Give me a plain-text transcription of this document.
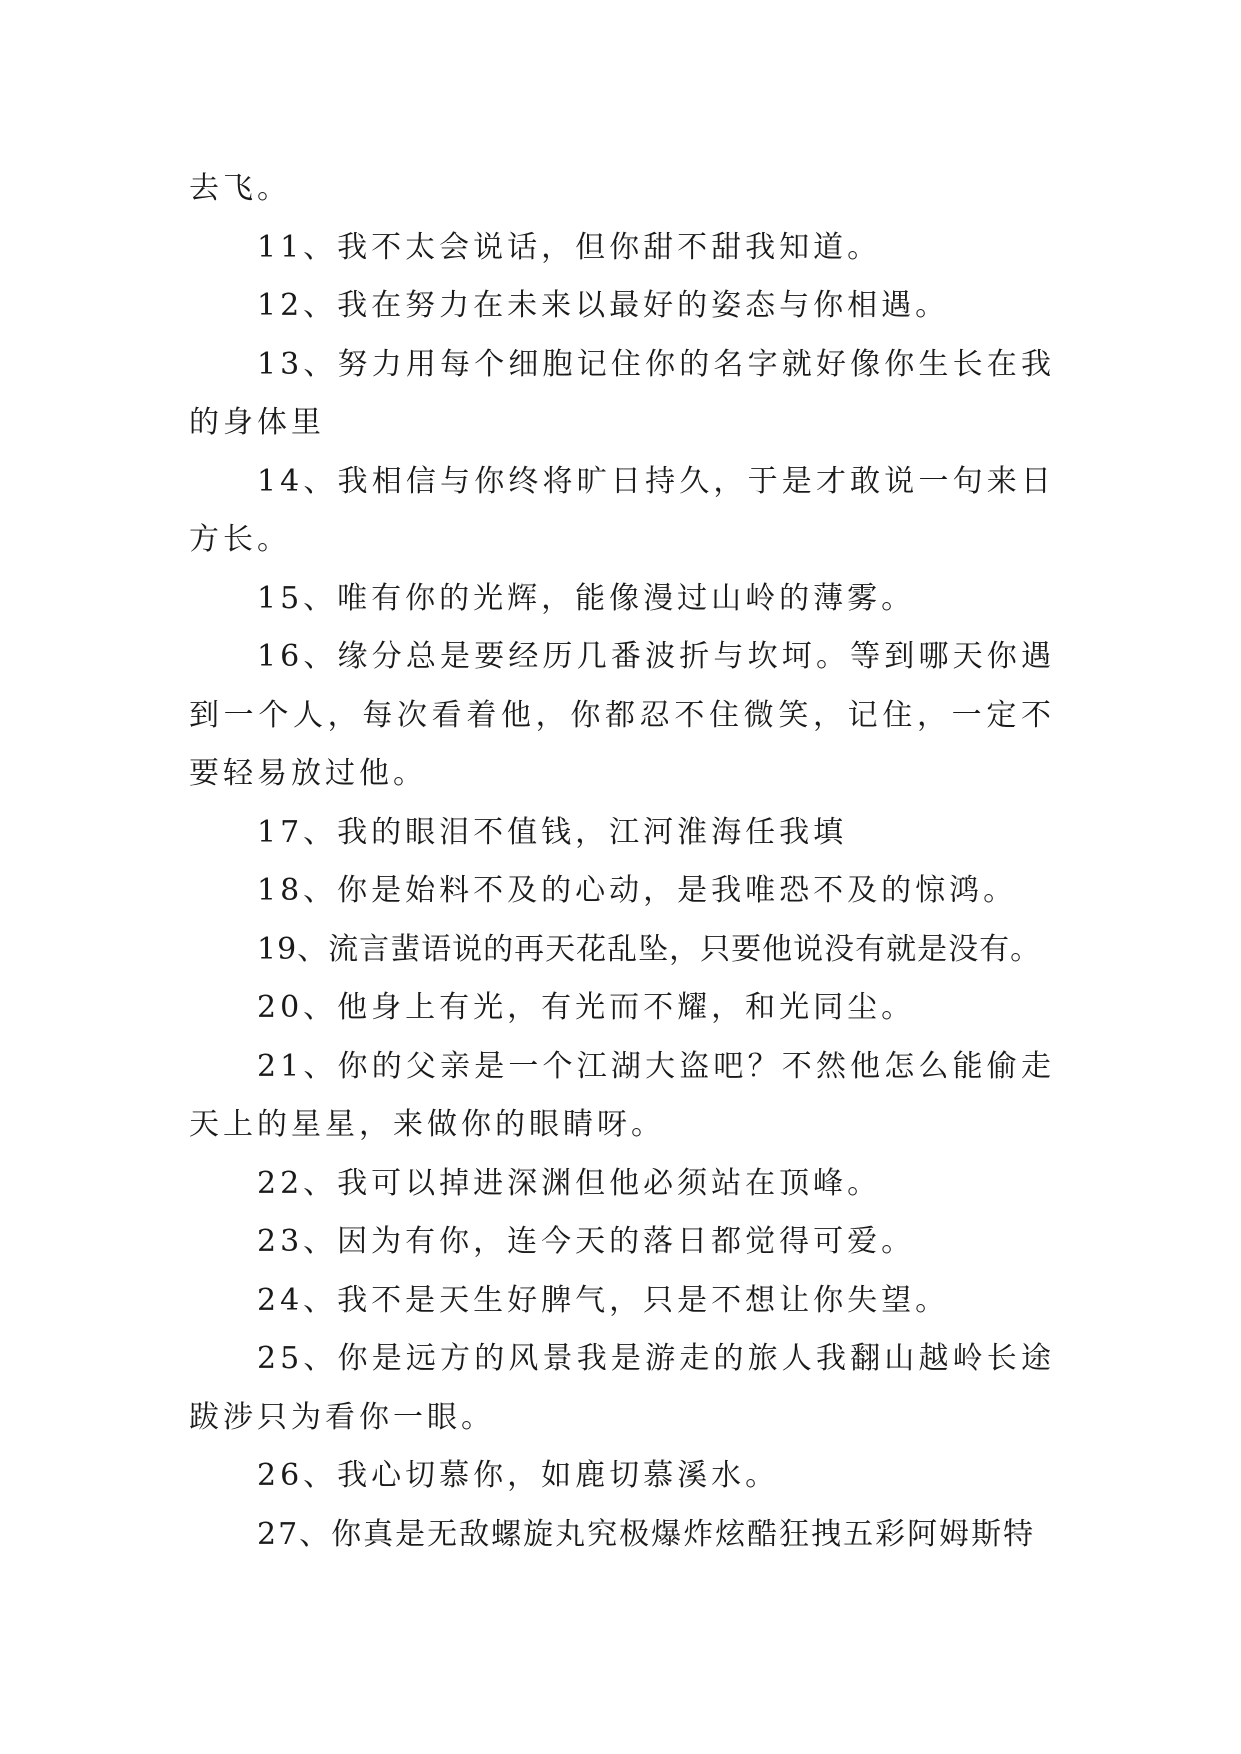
去飞。

11、我不太会说话，但你甜不甜我知道。

12、我在努力在未来以最好的姿态与你相遇。

13、努力用每个细胞记住你的名字就好像你生长在我的身体里

14、我相信与你终将旷日持久，于是才敢说一句来日方长。

15、唯有你的光辉，能像漫过山岭的薄雾。

16、缘分总是要经历几番波折与坎坷。等到哪天你遇到一个人，每次看着他，你都忍不住微笑，记住，一定不要轻易放过他。

17、我的眼泪不值钱，江河淮海任我填

18、你是始料不及的心动，是我唯恐不及的惊鸿。

19、流言蜚语说的再天花乱坠，只要他说没有就是没有。

20、他身上有光，有光而不耀，和光同尘。

21、你的父亲是一个江湖大盗吧？不然他怎么能偷走天上的星星，来做你的眼睛呀。

22、我可以掉进深渊但他必须站在顶峰。

23、因为有你，连今天的落日都觉得可爱。

24、我不是天生好脾气，只是不想让你失望。

25、你是远方的风景我是游走的旅人我翻山越岭长途跋涉只为看你一眼。

26、我心切慕你，如鹿切慕溪水。

27、你真是无敌螺旋丸究极爆炸炫酷狂拽五彩阿姆斯特
